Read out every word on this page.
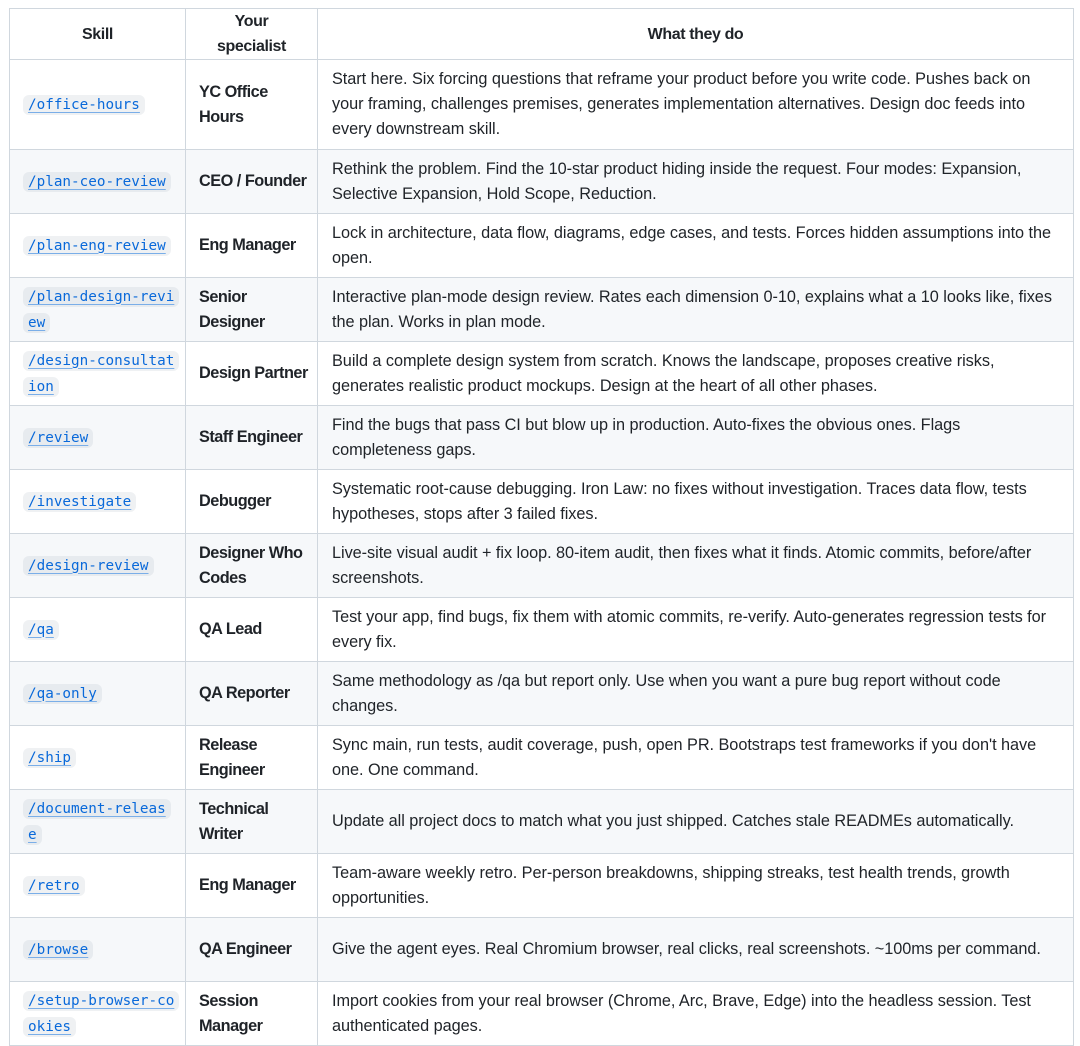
Skill	Your specialist	What they do
/office-hours	YC Office Hours	Start here. Six forcing questions that reframe your product before you write code. Pushes back on your framing, challenges premises, generates implementation alternatives. Design doc feeds into every downstream skill.
/plan-ceo-review	CEO / Founder	Rethink the problem. Find the 10-star product hiding inside the request. Four modes: Expansion, Selective Expansion, Hold Scope, Reduction.
/plan-eng-review	Eng Manager	Lock in architecture, data flow, diagrams, edge cases, and tests. Forces hidden assumptions into the open.
/plan-design-review	Senior Designer	Interactive plan-mode design review. Rates each dimension 0-10, explains what a 10 looks like, fixes the plan. Works in plan mode.
/design-consultation	Design Partner	Build a complete design system from scratch. Knows the landscape, proposes creative risks, generates realistic product mockups. Design at the heart of all other phases.
/review	Staff Engineer	Find the bugs that pass CI but blow up in production. Auto-fixes the obvious ones. Flags completeness gaps.
/investigate	Debugger	Systematic root-cause debugging. Iron Law: no fixes without investigation. Traces data flow, tests hypotheses, stops after 3 failed fixes.
/design-review	Designer Who Codes	Live-site visual audit + fix loop. 80-item audit, then fixes what it finds. Atomic commits, before/after screenshots.
/qa	QA Lead	Test your app, find bugs, fix them with atomic commits, re-verify. Auto-generates regression tests for every fix.
/qa-only	QA Reporter	Same methodology as /qa but report only. Use when you want a pure bug report without code changes.
/ship	Release Engineer	Sync main, run tests, audit coverage, push, open PR. Bootstraps test frameworks if you don't have one. One command.
/document-release	Technical Writer	Update all project docs to match what you just shipped. Catches stale READMEs automatically.
/retro	Eng Manager	Team-aware weekly retro. Per-person breakdowns, shipping streaks, test health trends, growth opportunities.
/browse	QA Engineer	Give the agent eyes. Real Chromium browser, real clicks, real screenshots. ~100ms per command.
/setup-browser-cookies	Session Manager	Import cookies from your real browser (Chrome, Arc, Brave, Edge) into the headless session. Test authenticated pages.
